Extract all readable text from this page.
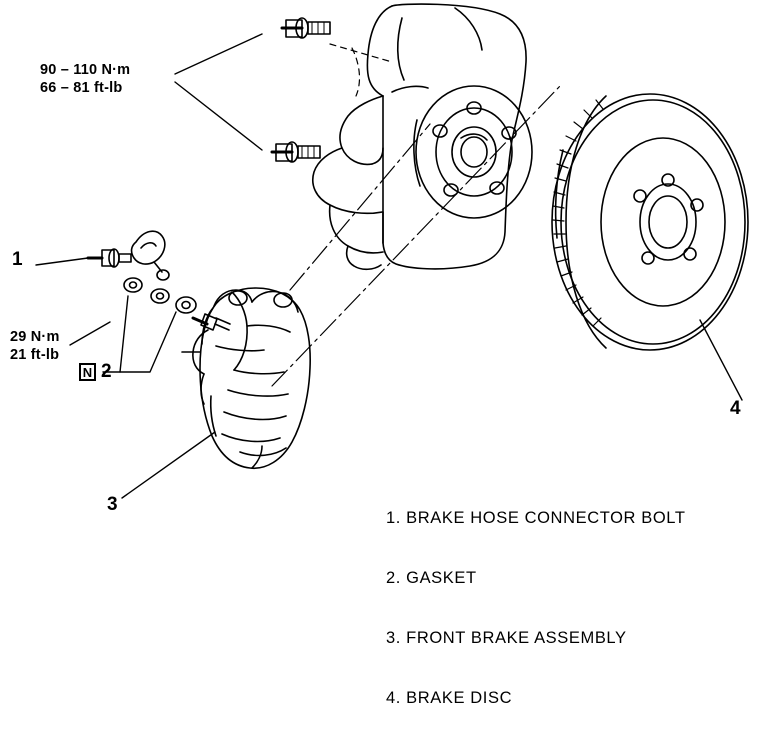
90 – 110 N·m
66 – 81 ft-lb
29 N·m
21 ft-lb
N 2
1
3
4

1. BRAKE HOSE CONNECTOR BOLT

2. GASKET

3. FRONT BRAKE ASSEMBLY

4. BRAKE DISC
